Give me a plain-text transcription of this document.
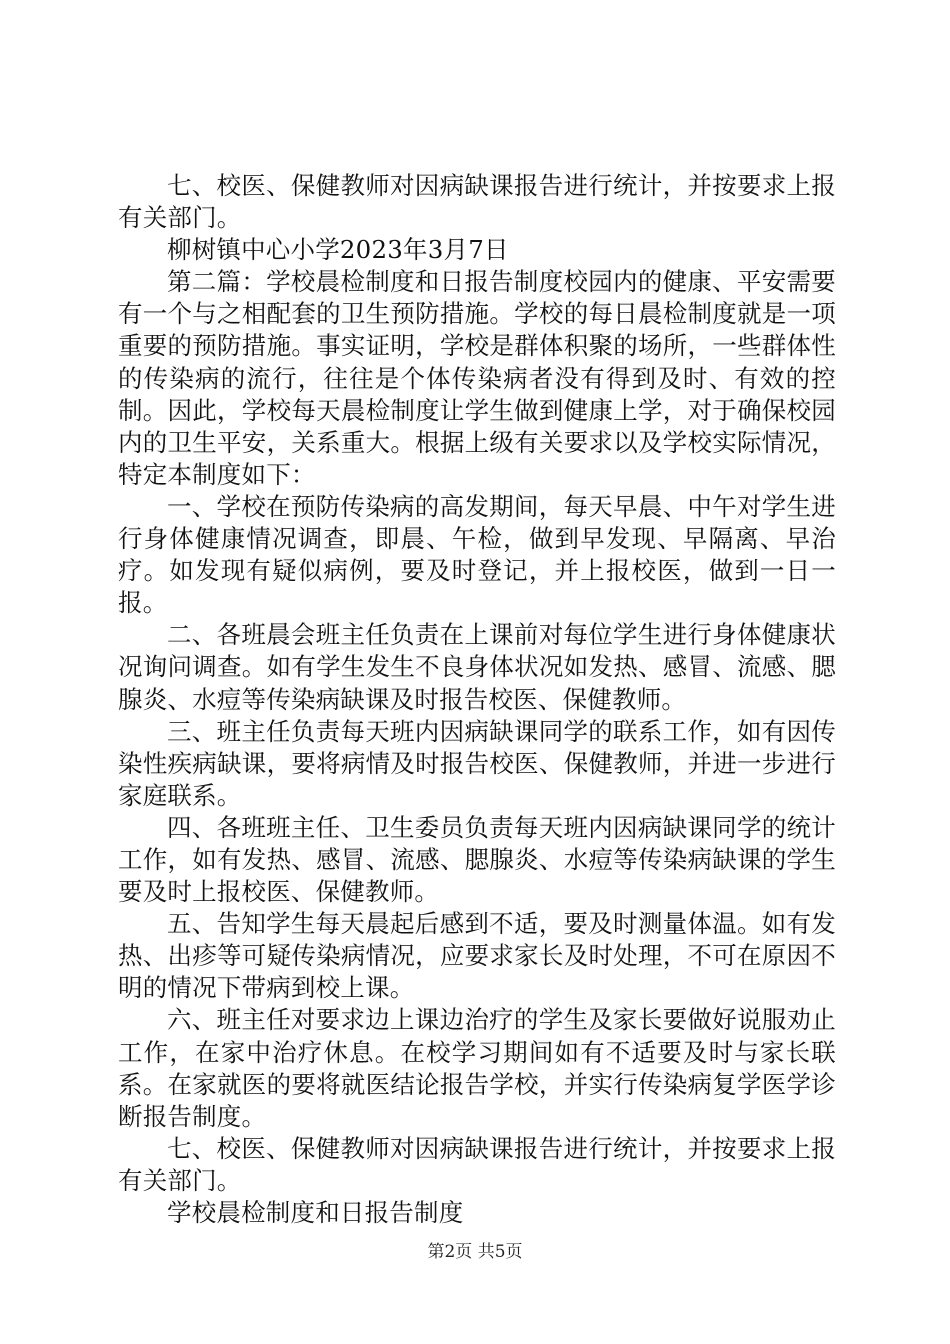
七、校医、保健教师对因病缺课报告进行统计，并按要求上报有关部门。

柳树镇中心小学2023年3月7日

第二篇：学校晨检制度和日报告制度校园内的健康、平安需要有一个与之相配套的卫生预防措施。学校的每日晨检制度就是一项重要的预防措施。事实证明，学校是群体积聚的场所，一些群体性的传染病的流行，往往是个体传染病者没有得到及时、有效的控制。因此，学校每天晨检制度让学生做到健康上学，对于确保校园内的卫生平安，关系重大。根据上级有关要求以及学校实际情况，特定本制度如下：

一、学校在预防传染病的高发期间，每天早晨、中午对学生进行身体健康情况调查，即晨、午检，做到早发现、早隔离、早治疗。如发现有疑似病例，要及时登记，并上报校医，做到一日一报。

二、各班晨会班主任负责在上课前对每位学生进行身体健康状况询问调查。如有学生发生不良身体状况如发热、感冒、流感、腮腺炎、水痘等传染病缺课及时报告校医、保健教师。

三、班主任负责每天班内因病缺课同学的联系工作，如有因传染性疾病缺课，要将病情及时报告校医、保健教师，并进一步进行家庭联系。

四、各班班主任、卫生委员负责每天班内因病缺课同学的统计工作，如有发热、感冒、流感、腮腺炎、水痘等传染病缺课的学生要及时上报校医、保健教师。

五、告知学生每天晨起后感到不适，要及时测量体温。如有发热、出疹等可疑传染病情况，应要求家长及时处理，不可在原因不明的情况下带病到校上课。

六、班主任对要求边上课边治疗的学生及家长要做好说服劝止工作，在家中治疗休息。在校学习期间如有不适要及时与家长联系。在家就医的要将就医结论报告学校，并实行传染病复学医学诊断报告制度。

七、校医、保健教师对因病缺课报告进行统计，并按要求上报有关部门。

学校晨检制度和日报告制度

第2页 共5页
